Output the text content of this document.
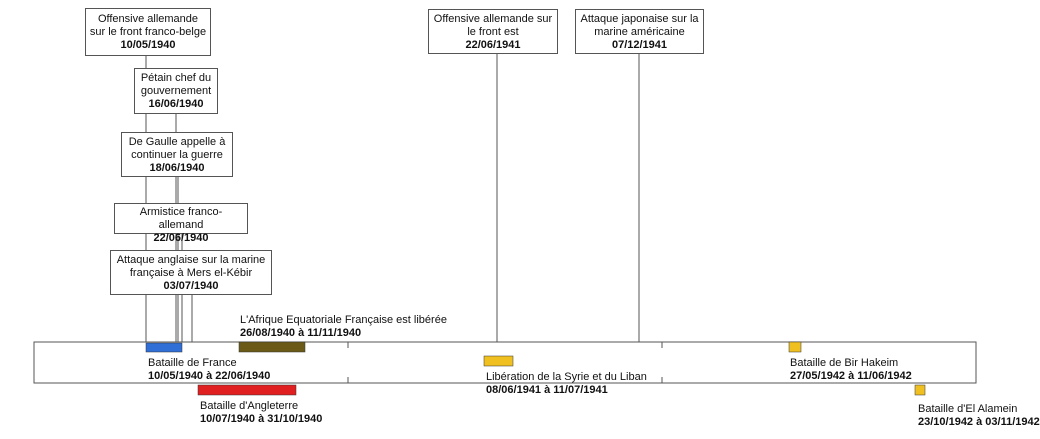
Offensive allemande sur le front franco-belge
10/05/1940
Pétain chef du gouvernement
16/06/1940
De Gaulle appelle à continuer la guerre
18/06/1940
Armistice franco-allemand
22/06/1940
Attaque anglaise sur la marine française à Mers el-Kébir
03/07/1940
Offensive allemande sur le front est
22/06/1941
Attaque japonaise sur la marine américaine
07/12/1941
Bataille de France
10/05/1940 à 22/06/1940
L'Afrique Equatoriale Française est libérée
26/08/1940 à 11/11/1940
Bataille d'Angleterre
10/07/1940 à 31/10/1940
Libération de la Syrie et du Liban
08/06/1941 à 11/07/1941
Bataille de Bir Hakeim
27/05/1942 à 11/06/1942
Bataille d'El Alamein
23/10/1942 à 03/11/1942
